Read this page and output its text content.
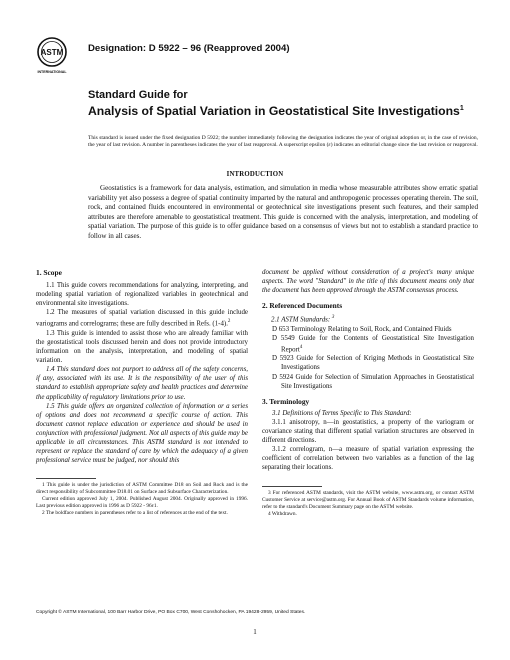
ASTM
INTERNATIONAL
Designation: D 5922 – 96 (Reapproved 2004)
Standard Guide for
Analysis of Spatial Variation in Geostatistical Site Investigations$^1$
This standard is issued under the fixed designation D 5922; the number immediately following the designation indicates the year of original adoption or, in the case of revision, the year of last revision. A number in parentheses indicates the year of last reapproval. A superscript epsilon (ε) indicates an editorial change since the last revision or reapproval.
INTRODUCTION
Geostatistics is a framework for data analysis, estimation, and simulation in media whose measurable attributes show erratic spatial variability yet also possess a degree of spatial continuity imparted by the natural and anthropogenic processes operating therein. The soil, rock, and contained fluids encountered in environmental or geotechnical site investigations present such features, and their sampled attributes are therefore amenable to geostatistical treatment. This guide is concerned with the analysis, interpretation, and modeling of spatial variation. The purpose of this guide is to offer guidance based on a consensus of views but not to establish a standard practice to follow in all cases.

1. Scope

1.1 This guide covers recommendations for analyzing, interpreting, and modeling spatial variation of regionalized variables in geotechnical and environmental site investigations.

1.2 The measures of spatial variation discussed in this guide include variograms and correlograms; these are fully described in Refs. (1-4).$^2$

1.3 This guide is intended to assist those who are already familiar with the geostatistical tools discussed herein and does not provide introductory information on the analysis, interpretation, and modeling of spatial variation.

1.4 This standard does not purport to address all of the safety concerns, if any, associated with its use. It is the responsibility of the user of this standard to establish appropriate safety and health practices and determine the applicability of regulatory limitations prior to use.

1.5 This guide offers an organized collection of information or a series of options and does not recommend a specific course of action. This document cannot replace education or experience and should be used in conjunction with professional judgment. Not all aspects of this guide may be applicable in all circumstances. This ASTM standard is not intended to represent or replace the standard of care by which the adequacy of a given professional service must be judged, nor should this

1 This guide is under the jurisdiction of ASTM Committee D18 on Soil and Rock and is the direct responsibility of Subcommittee D18.01 on Surface and Subsurface Characterization.

Current edition approved July 1, 2004. Published August 2004. Originally approved in 1996. Last previous edition approved in 1996 as D 5922 - 96ε1.

2 The boldface numbers in parentheses refer to a list of references at the end of the text.

document be applied without consideration of a project's many unique aspects. The word "Standard" in the title of this document means only that the document has been approved through the ASTM consensus process.

2. Referenced Documents

2.1 ASTM Standards: $^3$

D 653 Terminology Relating to Soil, Rock, and Contained Fluids

D 5549 Guide for the Contents of Geostatistical Site Investigation Report$^4$

D 5923 Guide for Selection of Kriging Methods in Geostatistical Site Investigations

D 5924 Guide for Selection of Simulation Approaches in Geostatistical Site Investigations

3. Terminology

3.1 Definitions of Terms Specific to This Standard:

3.1.1 anisotropy, n—in geostatistics, a property of the variogram or covariance stating that different spatial variation structures are observed in different directions.

3.1.2 correlogram, n—a measure of spatial variation expressing the coefficient of correlation between two variables as a function of the lag separating their locations.

3 For referenced ASTM standards, visit the ASTM website, www.astm.org, or contact ASTM Customer Service at service@astm.org. For Annual Book of ASTM Standards volume information, refer to the standard's Document Summary page on the ASTM website.

4 Withdrawn.

Copyright © ASTM International, 100 Barr Harbor Drive, PO Box C700, West Conshohocken, PA 19428-2959, United States.
1
